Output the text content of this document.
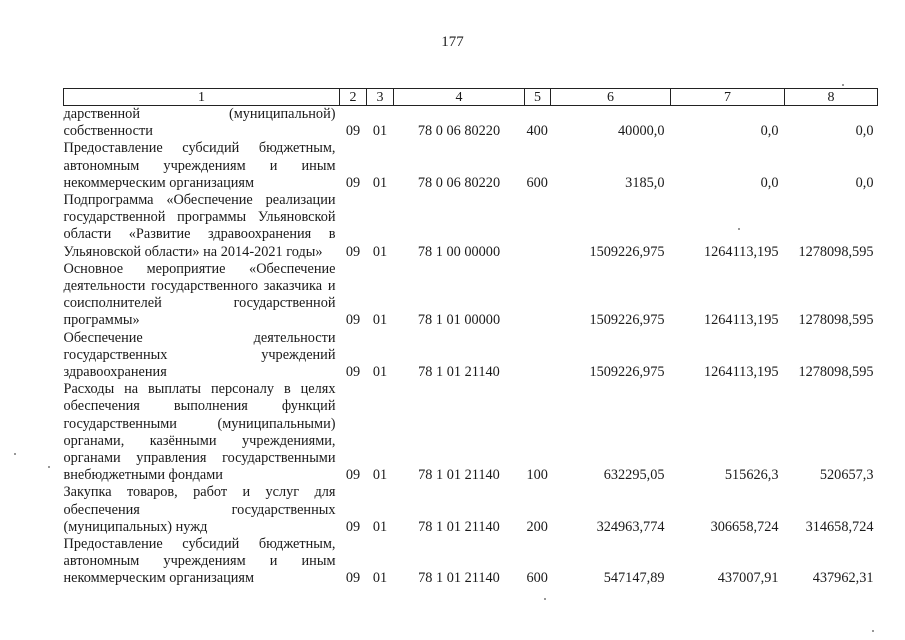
177
1	2	3	4	5	6	7	8
дарственной (муниципальной) собственности	09	01	78 0 06 80220	400	40000,0	0,0	0,0
Предоставление субсидий бюджетным, автономным учреждениям и иным некоммерческим организациям	09	01	78 0 06 80220	600	3185,0	0,0	0,0
Подпрограмма «Обеспечение реализации государственной программы Ульяновской области «Развитие здравоохранения в Ульяновской области» на 2014-2021 годы»	09	01	78 1 00 00000		1509226,975	1264113,195	1278098,595
Основное мероприятие «Обеспечение деятельности государственного заказчика и соисполнителей государственной программы»	09	01	78 1 01 00000		1509226,975	1264113,195	1278098,595
Обеспечение деятельности государственных учреждений здравоохранения	09	01	78 1 01 21140		1509226,975	1264113,195	1278098,595
Расходы на выплаты персоналу в целях обеспечения выполнения функций государственными (муниципальными) органами, казёнными учреждениями, органами управления государственными внебюджетными фондами	09	01	78 1 01 21140	100	632295,05	515626,3	520657,3
Закупка товаров, работ и услуг для обеспечения государственных (муниципальных) нужд	09	01	78 1 01 21140	200	324963,774	306658,724	314658,724
Предоставление субсидий бюджетным, автономным учреждениям и иным некоммерческим организациям	09	01	78 1 01 21140	600	547147,89	437007,91	437962,31
